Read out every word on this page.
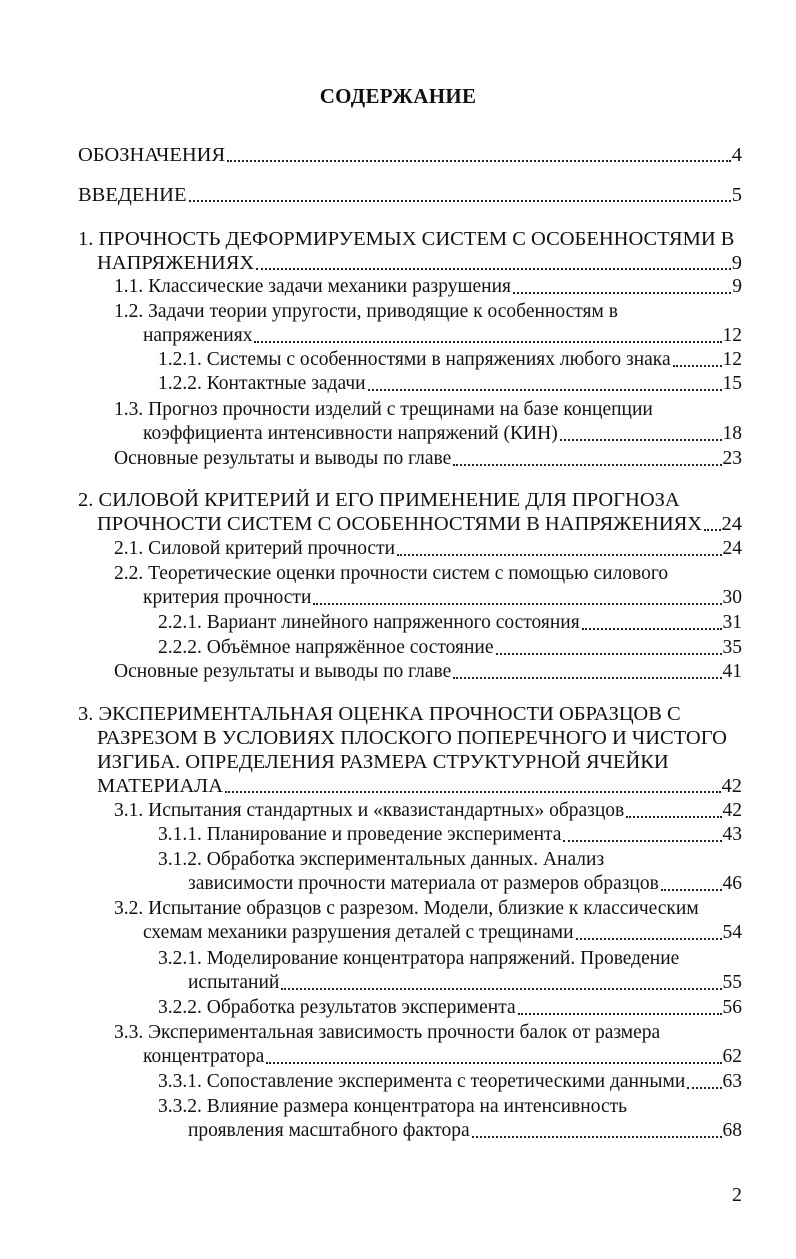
СОДЕРЖАНИЕ
ОБОЗНАЧЕНИЯ	4
ВВЕДЕНИЕ	5
1. ПРОЧНОСТЬ ДЕФОРМИРУЕМЫХ СИСТЕМ С ОСОБЕННОСТЯМИ В
НАПРЯЖЕНИЯХ	9
1.1. Классические задачи механики разрушения	9
1.2. Задачи теории упругости, приводящие к особенностям в
напряжениях	12
1.2.1. Системы с особенностями в напряжениях любого знака	12
1.2.2. Контактные задачи	15
1.3. Прогноз прочности изделий с трещинами на базе концепции
коэффициента интенсивности напряжений (КИН)	18
Основные результаты и выводы по главе	23
2. СИЛОВОЙ КРИТЕРИЙ И ЕГО ПРИМЕНЕНИЕ ДЛЯ ПРОГНОЗА
ПРОЧНОСТИ СИСТЕМ С ОСОБЕННОСТЯМИ В НАПРЯЖЕНИЯХ 24
2.1. Силовой критерий прочности	24
2.2. Теоретические оценки прочности систем с помощью силового
критерия прочности	30
2.2.1. Вариант линейного напряженного состояния	31
2.2.2. Объёмное напряжённое состояние	35
Основные результаты и выводы по главе	41
3. ЭКСПЕРИМЕНТАЛЬНАЯ ОЦЕНКА ПРОЧНОСТИ ОБРАЗЦОВ С
РАЗРЕЗОМ В УСЛОВИЯХ ПЛОСКОГО ПОПЕРЕЧНОГО И ЧИСТОГО
ИЗГИБА. ОПРЕДЕЛЕНИЯ РАЗМЕРА СТРУКТУРНОЙ ЯЧЕЙКИ
МАТЕРИАЛА	42
3.1. Испытания стандартных и «квазистандартных» образцов	42
3.1.1. Планирование и проведение эксперимента	43
3.1.2. Обработка экспериментальных данных. Анализ
зависимости прочности материала от размеров образцов	46
3.2. Испытание образцов с разрезом. Модели, близкие к классическим
схемам механики разрушения деталей с трещинами	54
3.2.1. Моделирование концентратора напряжений. Проведение
испытаний	55
3.2.2. Обработка результатов эксперимента	56
3.3. Экспериментальная зависимость прочности балок от размера
концентратора	62
3.3.1. Сопоставление эксперимента с теоретическими данными 63
3.3.2. Влияние размера концентратора на интенсивность
проявления масштабного фактора	68
2
